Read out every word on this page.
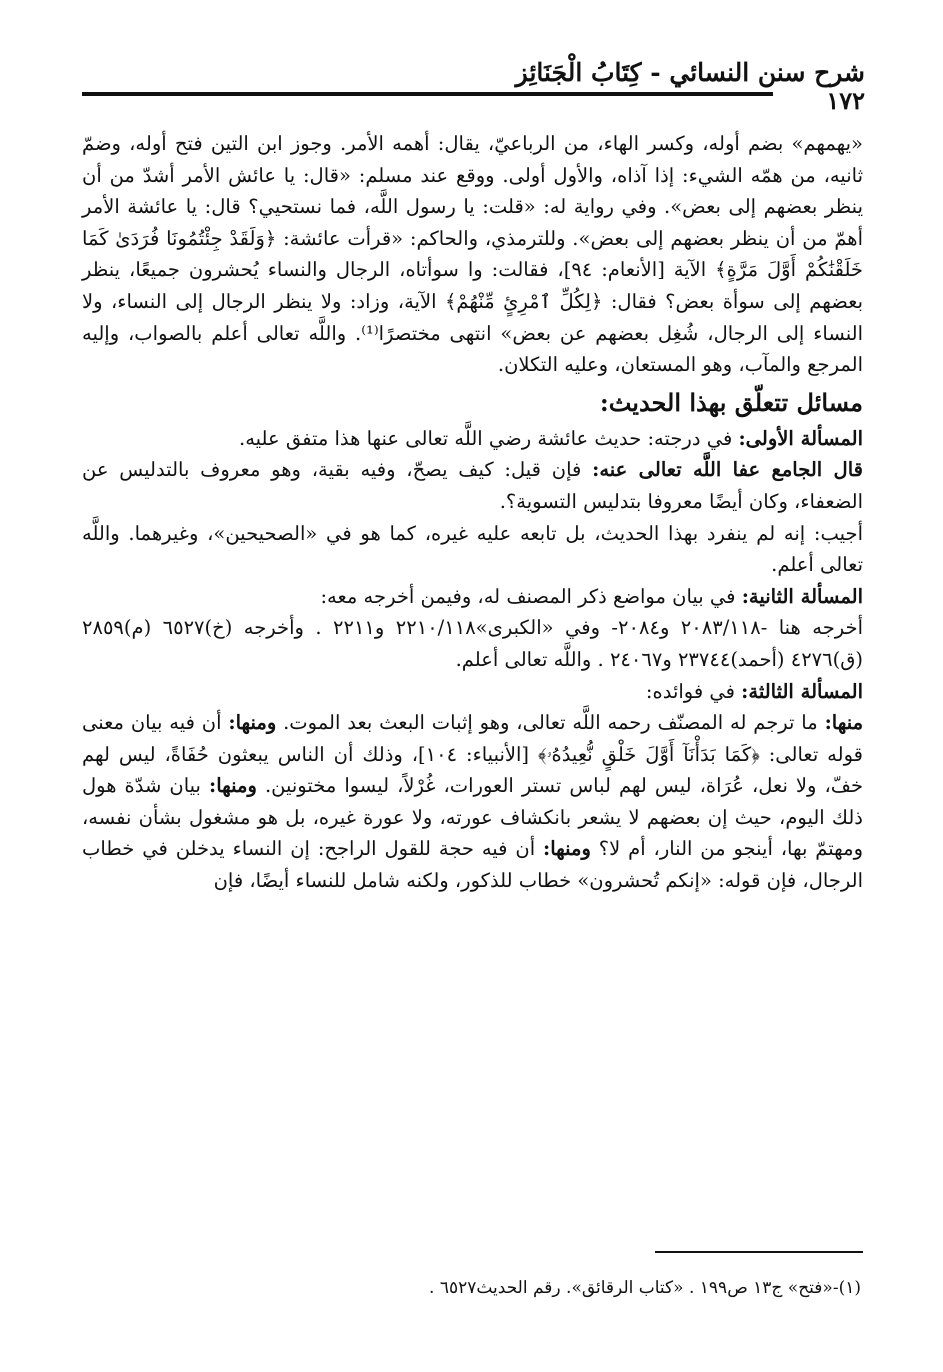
شرح سنن النسائي - كِتَابُ الْجَنَائِز
١٧٢

«يهمهم» بضم أوله، وكسر الهاء، من الرباعيّ، يقال: أهمه الأمر. وجوز ابن التين فتح أوله، وضمّ ثانيه، من همّه الشيء: إذا آذاه، والأول أولى. ووقع عند مسلم: «قال: يا عائش الأمر أشدّ من أن ينظر بعضهم إلى بعض». وفي رواية له: «قلت: يا رسول اللَّه، فما نستحيي؟ قال: يا عائشة الأمر أهمّ من أن ينظر بعضهم إلى بعض». وللترمذي، والحاكم: «قرأت عائشة: ﴿وَلَقَدْ جِئْتُمُونَا فُرَدَىٰ كَمَا خَلَقْنَٰكُمْ أَوَّلَ مَرَّةٍ﴾ الآية [الأنعام: ٩٤]، فقالت: وا سوأتاه، الرجال والنساء يُحشرون جميعًا، ينظر بعضهم إلى سوأة بعض؟ فقال: ﴿لِكُلِّ ٱمْرِئٍ مِّنْهُمْ﴾ الآية، وزاد: ولا ينظر الرجال إلى النساء، ولا النساء إلى الرجال، شُغِل بعضهم عن بعض» انتهى مختصرًا⁽¹⁾. واللَّه تعالى أعلم بالصواب، وإليه المرجع والمآب، وهو المستعان، وعليه التكلان.

مسائل تتعلّق بهذا الحديث:

المسألة الأولى: في درجته: حديث عائشة رضي اللَّه تعالى عنها هذا متفق عليه.

قال الجامع عفا اللَّه تعالى عنه: فإن قيل: كيف يصحّ، وفيه بقية، وهو معروف بالتدليس عن الضعفاء، وكان أيضًا معروفا بتدليس التسوية؟.

أجيب: إنه لم ينفرد بهذا الحديث، بل تابعه عليه غيره، كما هو في «الصحيحين»، وغيرهما. واللَّه تعالى أعلم.

المسألة الثانية: في بيان مواضع ذكر المصنف له، وفيمن أخرجه معه:

أخرجه هنا -٢٠٨٣/١١٨ و٢٠٨٤- وفي «الكبرى»٢٢١٠/١١٨ و٢٢١١ . وأخرجه (خ)٦٥٢٧ (م)٢٨٥٩ (ق)٤٢٧٦ (أحمد)٢٣٧٤٤ و٢٤٠٦٧ . واللَّه تعالى أعلم.

المسألة الثالثة: في فوائده:

منها: ما ترجم له المصنّف رحمه اللَّه تعالى، وهو إثبات البعث بعد الموت. ومنها: أن فيه بيان معنى قوله تعالى: ﴿كَمَا بَدَأْنَآ أَوَّلَ خَلْقٍ نُّعِيدُهُۥ﴾ [الأنبياء: ١٠٤]، وذلك أن الناس يبعثون حُفَاةً، ليس لهم خفّ، ولا نعل، عُرَاة، ليس لهم لباس تستر العورات، غُرْلاً، ليسوا مختونين. ومنها: بيان شدّة هول ذلك اليوم، حيث إن بعضهم لا يشعر بانكشاف عورته، ولا عورة غيره، بل هو مشغول بشأن نفسه، ومهتمّ بها، أينجو من النار، أم لا؟ ومنها: أن فيه حجة للقول الراجح: إن النساء يدخلن في خطاب الرجال، فإن قوله: «إنكم تُحشرون» خطاب للذكور، ولكنه شامل للنساء أيضًا، فإن

(١)-«فتح» ج١٣ ص١٩٩ . «كتاب الرقائق». رقم الحديث٦٥٢٧ .
